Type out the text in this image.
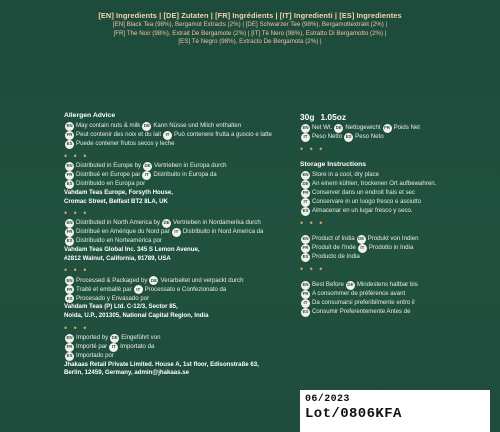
[EN] Ingredients | [DE] Zutaten | [FR] Ingrédients | [IT] Ingredienti | [ES] Ingredientes
[EN] Black Tea (98%), Bergamot Extracts (2%) | [DE] Schwarzer Tee (98%), Bergamottextrakt (2%) |
[FR] The Noir (98%), Extrait De Bergamote (2%) | [IT] Tè Nero (98%), Estratto Di Bergamotto (2%) |
[ES] Té Negro (98%), Extracto De Bergamota (2%) |
Allergen Advice
EN May contain nuts & milk DE Kann Nüsse und Milch enthalten
FR Peut contenir des noix et du lait	IT Può contenere frutta a guscio e latte
ES Puede contener frutos secos y leche
• • •
EN Distributed in Europe by DE Vertrieben in Europa durch
FR Distribué en Europe par	IT Distribuito in Europa da
ES Distribuido en Europa por
Vahdam Teas Europe, Forsyth House,
Cromac Street, Belfast BT2 8LA, UK
• • •
EN Distributed in North America by DE Vertrieben in Nordamerika durch
FR Distribué en Amérique du Nord par	IT Distribuito in Nord America da
ES Distribuido en Norteamérica por
Vahdam Teas Global Inc. 345 S Lemon Avenue,
#2812 Walnut, California, 91789, USA
• • •
EN Processed & Packaged by DE Verarbeitet und verpackt durch
FR Traité et emballé par	IT Processato e Confezionato da
ES Procesado y Envasado por
Vahdam Teas (P) Ltd. C-12/3, Sector 85,
Noida, U.P., 201305, National Capital Region, India
• • •
EN Imported by DE Eingeführt von
FR Importé par	IT Importato da
ES Importado por
Jhakaas Retail Private Limited. House A, 1st floor, Edisonstraße 63,
Berlin, 12459, Germany, admin@jhakaas.se
30g 1.05oz
EN Net Wt. DE Nettogewicht FR Poids Net
IT Peso Netto ES Peso Neto
• • •
Storage Instructions
EN Store in a cool, dry place
DE An einem kühlen, trockenen Ort aufbewahren.
FR Conserver dans un endroit frais et sec
IT Conservare in un luogo fresco e asciutto
ES Almacenar en un lugar fresco y seco.
• • •
EN Product of India DE Produkt von Indien
FR Produit de l'Inde	IT Prodotto in India
ES Producto de India
• • •
EN Best Before DE Mindestens haltbar bis
FR A consommer de préférence avant
IT Da consumarsi preferibilmente entro il
ES Consumir Preferentemente Antes de
06/2023
Lot/0806KFA
